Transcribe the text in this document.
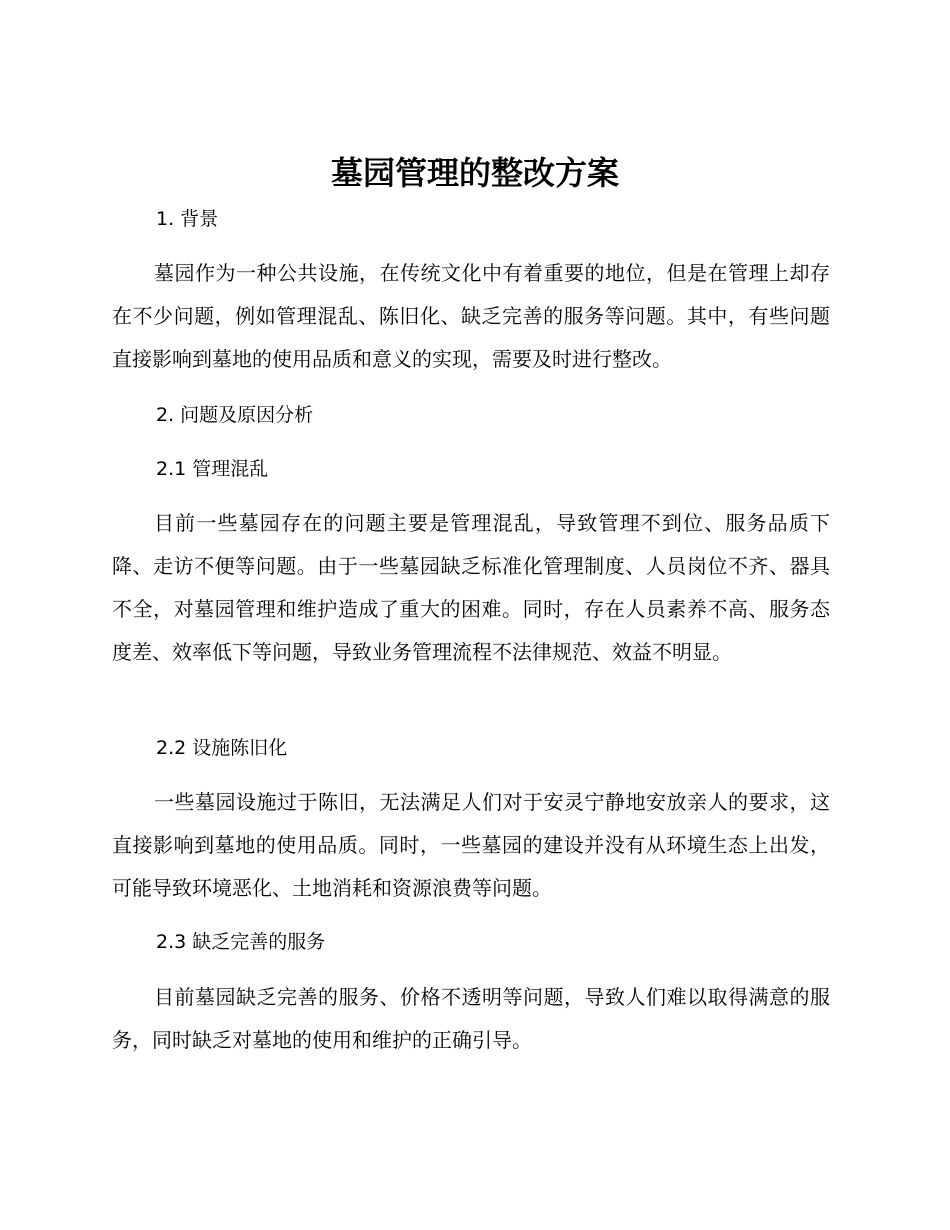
墓园管理的整改方案
1. 背景

墓园作为一种公共设施，在传统文化中有着重要的地位，但是在管理上却存在不少问题，例如管理混乱、陈旧化、缺乏完善的服务等问题。其中，有些问题直接影响到墓地的使用品质和意义的实现，需要及时进行整改。

2. 问题及原因分析
2.1 管理混乱

目前一些墓园存在的问题主要是管理混乱，导致管理不到位、服务品质下降、走访不便等问题。由于一些墓园缺乏标准化管理制度、人员岗位不齐、器具不全，对墓园管理和维护造成了重大的困难。同时，存在人员素养不高、服务态度差、效率低下等问题，导致业务管理流程不法律规范、效益不明显。

2.2 设施陈旧化

一些墓园设施过于陈旧，无法满足人们对于安灵宁静地安放亲人的要求，这直接影响到墓地的使用品质。同时，一些墓园的建设并没有从环境生态上出发，可能导致环境恶化、土地消耗和资源浪费等问题。

2.3 缺乏完善的服务

目前墓园缺乏完善的服务、价格不透明等问题，导致人们难以取得满意的服务，同时缺乏对墓地的使用和维护的正确引导。
